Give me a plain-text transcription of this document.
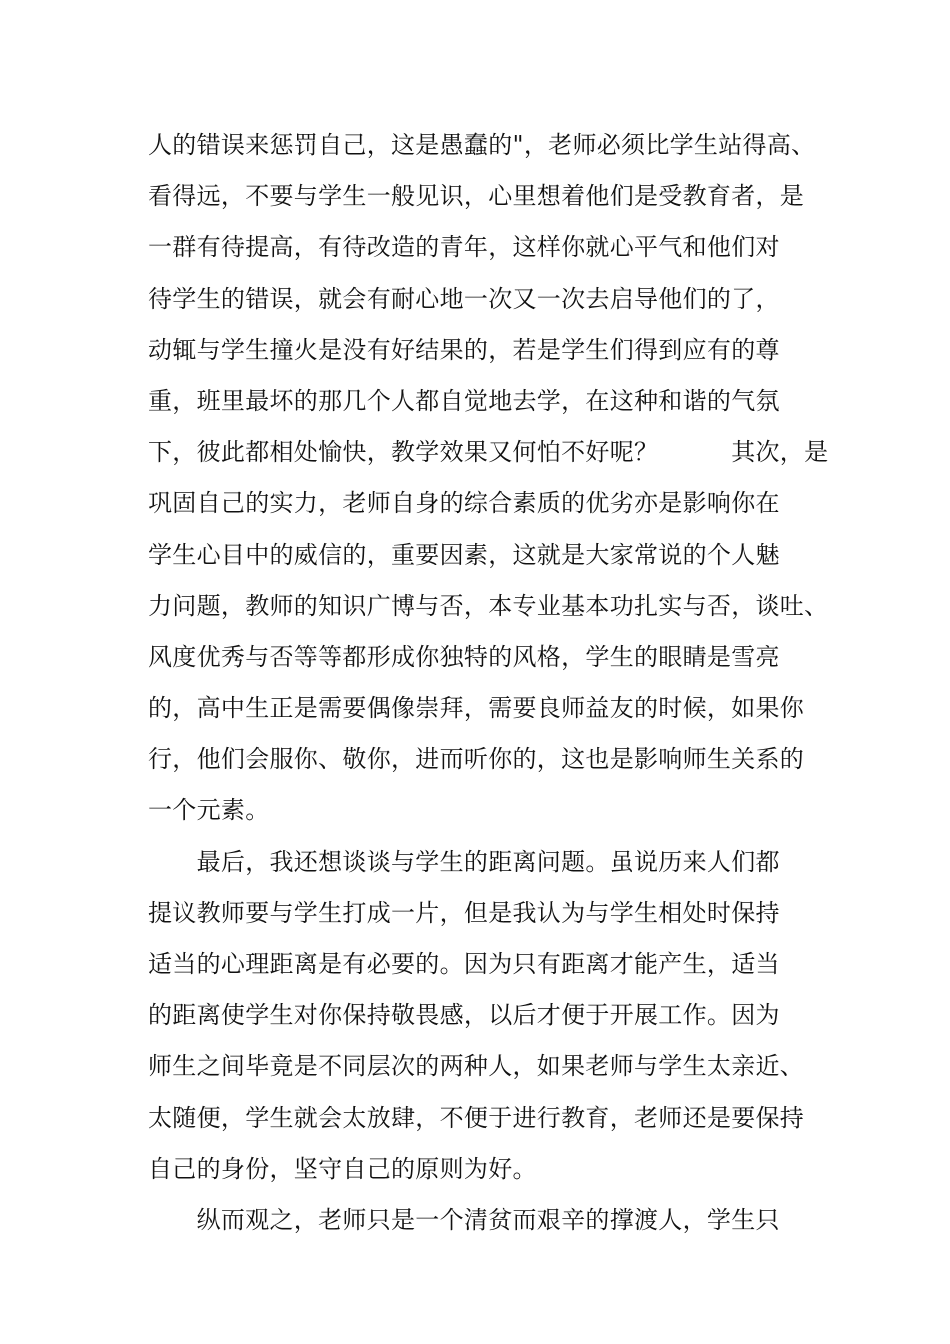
人的错误来惩罚自己，这是愚蠢的"，老师必须比学生站得高、
看得远，不要与学生一般见识，心里想着他们是受教育者，是
一群有待提高，有待改造的青年，这样你就心平气和他们对
待学生的错误，就会有耐心地一次又一次去启导他们的了，
动辄与学生撞火是没有好结果的，若是学生们得到应有的尊
重，班里最坏的那几个人都自觉地去学，在这种和谐的气氛
下，彼此都相处愉快，教学效果又何怕不好呢？　　　其次，是
巩固自己的实力，老师自身的综合素质的优劣亦是影响你在
学生心目中的威信的，重要因素，这就是大家常说的个人魅
力问题，教师的知识广博与否，本专业基本功扎实与否，谈吐、
风度优秀与否等等都形成你独特的风格，学生的眼睛是雪亮
的，高中生正是需要偶像崇拜，需要良师益友的时候，如果你
行，他们会服你、敬你，进而听你的，这也是影响师生关系的
一个元素。
　　最后，我还想谈谈与学生的距离问题。虽说历来人们都
提议教师要与学生打成一片，但是我认为与学生相处时保持
适当的心理距离是有必要的。因为只有距离才能产生，适当
的距离使学生对你保持敬畏感，以后才便于开展工作。因为
师生之间毕竟是不同层次的两种人，如果老师与学生太亲近、
太随便，学生就会太放肆，不便于进行教育，老师还是要保持
自己的身份，坚守自己的原则为好。
　　纵而观之，老师只是一个清贫而艰辛的撑渡人，学生只
